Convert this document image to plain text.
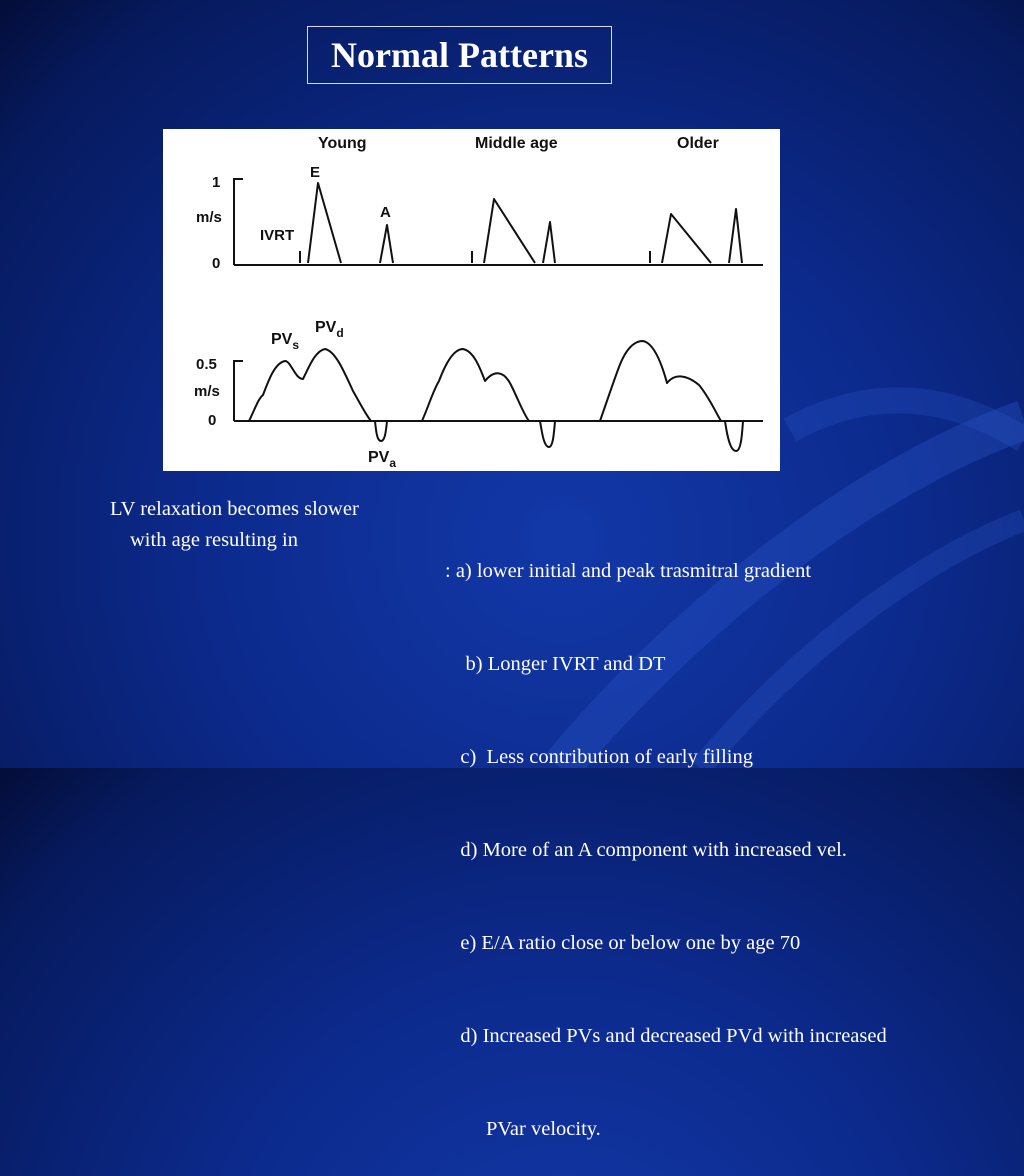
Normal Patterns
Young	Middle age	Older
1
0
m/s
IVRT
E
A
0.5
0
m/s
$PV_s$
$PV_d$
$PV_a$
LV relaxation becomes slower
with age resulting in

: a) lower initial and peak trasmitral gradient

b) Longer IVRT and DT

c)  Less contribution of early filling

d) More of an A component with increased vel.

e) E/A ratio close or below one by age 70

d) Increased PVs and decreased PVd with increased

PVar velocity.
